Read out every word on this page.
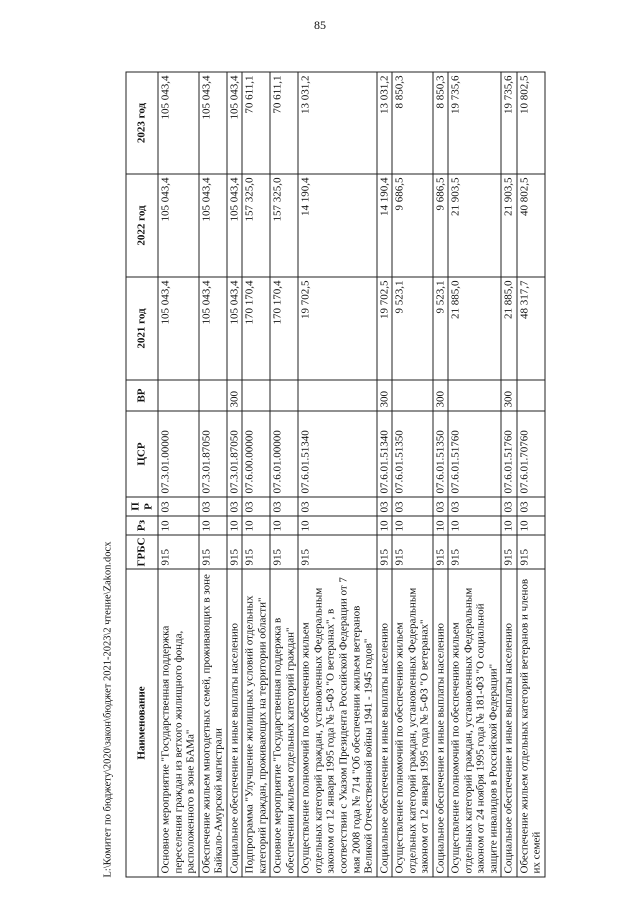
85
L:\Комитет по бюджету\2020\закон\бюджет 2021-2023\2 чтение\Zakon.docx	Наименование	ГРБС	Рз	ПР	ЦСР	ВР	2021 год	2022 год	2023 год
Основное мероприятие "Государственная поддержка переселения граждан из ветхого жилищного фонда, расположенного в зоне БАМа"	915	10	03	07.3.01.00000		105 043,4	105 043,4	105 043,4
Обеспечение жильем многодетных семей, проживающих в зоне Байкало-Амурской магистрали	915	10	03	07.3.01.87050		105 043,4	105 043,4	105 043,4
Социальное обеспечение и иные выплаты населению	915	10	03	07.3.01.87050	300	105 043,4	105 043,4	105 043,4
Подпрограмма "Улучшение жилищных условий отдельных категорий граждан, проживающих на территории области"	915	10	03	07.6.00.00000		170 170,4	157 325,0	70 611,1
Основное мероприятие "Государственная поддержка в обеспечении жильем отдельных категорий граждан"	915	10	03	07.6.01.00000		170 170,4	157 325,0	70 611,1
Осуществление полномочий по обеспечению жильем отдельных категорий граждан, установленных Федеральным законом от 12 января 1995 года № 5-ФЗ "О ветеранах", в соответствии с Указом Президента Российской Федерации от 7 мая 2008 года № 714 "Об обеспечении жильем ветеранов Великой Отечественной войны 1941 - 1945 годов"	915	10	03	07.6.01.51340		19 702,5	14 190,4	13 031,2
Социальное обеспечение и иные выплаты населению	915	10	03	07.6.01.51340	300	19 702,5	14 190,4	13 031,2
Осуществление полномочий по обеспечению жильем отдельных категорий граждан, установленных Федеральным законом от 12 января 1995 года № 5-ФЗ "О ветеранах"	915	10	03	07.6.01.51350		9 523,1	9 686,5	8 850,3
Социальное обеспечение и иные выплаты населению	915	10	03	07.6.01.51350	300	9 523,1	9 686,5	8 850,3
Осуществление полномочий по обеспечению жильем отдельных категорий граждан, установленных Федеральным законом от 24 ноября 1995 года № 181-ФЗ "О социальной защите инвалидов в Российской Федерации"	915	10	03	07.6.01.51760		21 885,0	21 903,5	19 735,6
Социальное обеспечение и иные выплаты населению	915	10	03	07.6.01.51760	300	21 885,0	21 903,5	19 735,6
Обеспечение жильем отдельных категорий ветеранов и членов их семей	915	10	03	07.6.01.70760		48 317,7	40 802,5	10 802,5
